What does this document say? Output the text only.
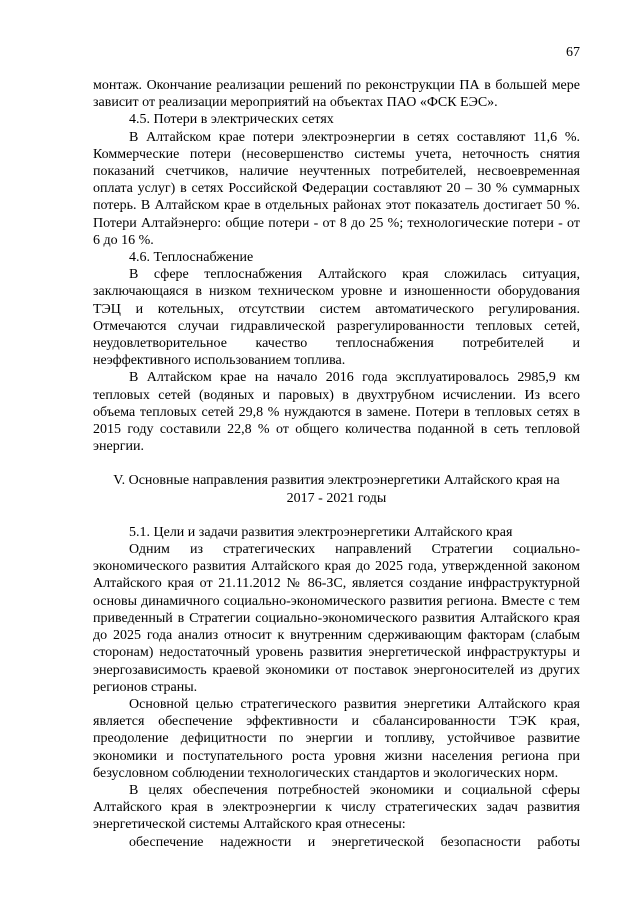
67

монтаж. Окончание реализации решений по реконструкции ПА в большей мере зависит от реализации мероприятий на объектах ПАО «ФСК ЕЭС».

4.5. Потери в электрических сетях

В Алтайском крае потери электроэнергии в сетях составляют 11,6 %. Коммерческие потери (несовершенство системы учета, неточность снятия показаний счетчиков, наличие неучтенных потребителей, несвоевременная оплата услуг) в сетях Российской Федерации составляют 20 – 30 % суммарных потерь. В Алтайском крае в отдельных районах этот показатель достигает 50 %. Потери Алтайэнерго: общие потери - от 8 до 25 %; технологические потери - от 6 до 16 %.

4.6. Теплоснабжение

В сфере теплоснабжения Алтайского края сложилась ситуация, заключающаяся в низком техническом уровне и изношенности оборудования ТЭЦ и котельных, отсутствии систем автоматического регулирования. Отмечаются случаи гидравлической разрегулированности тепловых сетей, неудовлетворительное качество теплоснабжения потребителей и неэффективного использованием топлива.

В Алтайском крае на начало 2016 года эксплуатировалось 2985,9 км тепловых сетей (водяных и паровых) в двухтрубном исчислении. Из всего объема тепловых сетей 29,8 % нуждаются в замене. Потери в тепловых сетях в 2015 году составили 22,8 % от общего количества поданной в сеть тепловой энергии.

V. Основные направления развития электроэнергетики Алтайского края на
2017 - 2021 годы

5.1. Цели и задачи развития электроэнергетики Алтайского края

Одним из стратегических направлений Стратегии социально-экономического развития Алтайского края до 2025 года, утвержденной законом Алтайского края от 21.11.2012 № 86-ЗС, является создание инфраструктурной основы динамичного социально-экономического развития региона. Вместе с тем приведенный в Стратегии социально-экономического развития Алтайского края до 2025 года анализ относит к внутренним сдерживающим факторам (слабым сторонам) недостаточный уровень развития энергетической инфраструктуры и энергозависимость краевой экономики от поставок энергоносителей из других регионов страны.

Основной целью стратегического развития энергетики Алтайского края является обеспечение эффективности и сбалансированности ТЭК края, преодоление дефицитности по энергии и топливу, устойчивое развитие экономики и поступательного роста уровня жизни населения региона при безусловном соблюдении технологических стандартов и экологических норм.

В целях обеспечения потребностей экономики и социальной сферы Алтайского края в электроэнергии к числу стратегических задач развития энергетической системы Алтайского края отнесены:

обеспечение надежности и энергетической безопасности работы
